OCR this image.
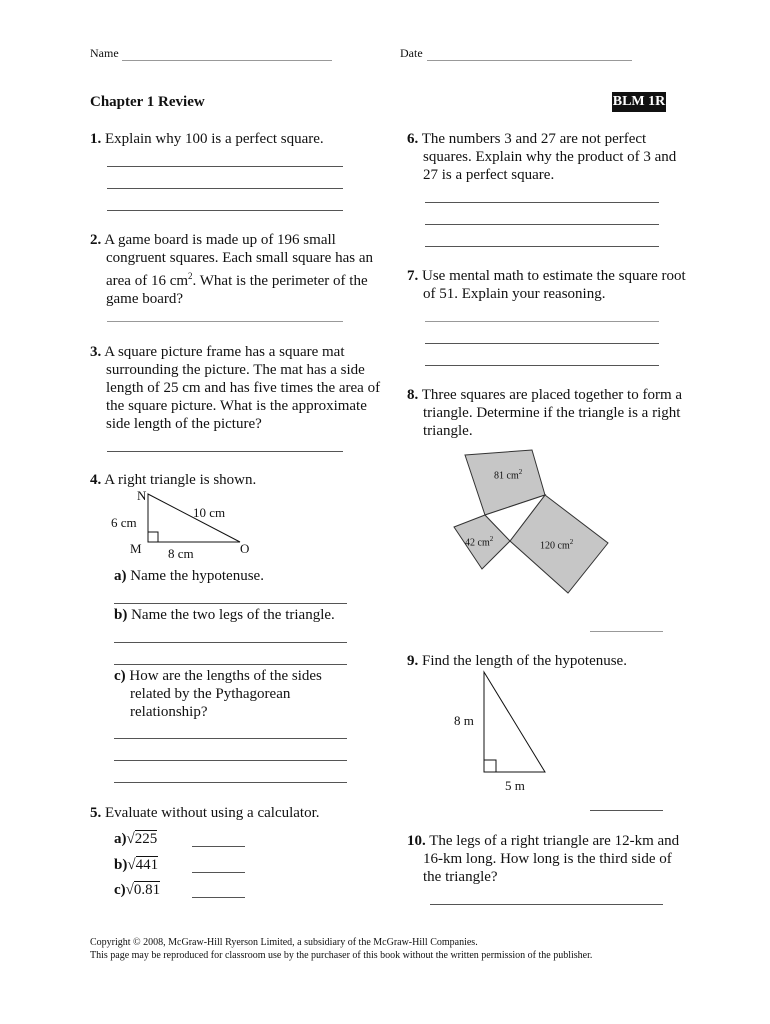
Name	Date
Chapter 1 Review	BLM 1R
1. Explain why 100 is a perfect square.
2. A game board is made up of 196 small congruent squares. Each small square has an area of 16 $cm^2$. What is the perimeter of the game board?
3. A square picture frame has a square mat surrounding the picture. The mat has a side length of 25 cm and has five times the area of the square picture. What is the approximate side length of the picture?
4. A right triangle is shown.
N
M	O
6 cm
8 cm
10 cm
a) Name the hypotenuse.
b) Name the two legs of the triangle.
c) How are the lengths of the sides related by the Pythagorean relationship?
5. Evaluate without using a calculator.
a)√225
b)√441
c)√0.81
6. The numbers 3 and 27 are not perfect squares. Explain why the product of 3 and 27 is a perfect square.
7. Use mental math to estimate the square root of 51. Explain your reasoning.
8. Three squares are placed together to form a triangle. Determine if the triangle is a right triangle.
81 $cm^2$
42 $cm^2$
120 $cm^2$
9. Find the length of the hypotenuse.
8 m
5 m
10. The legs of a right triangle are 12-km and 16-km long. How long is the third side of the triangle?
Copyright © 2008, McGraw-Hill Ryerson Limited, a subsidiary of the McGraw-Hill Companies.
This page may be reproduced for classroom use by the purchaser of this book without the written permission of the publisher.
